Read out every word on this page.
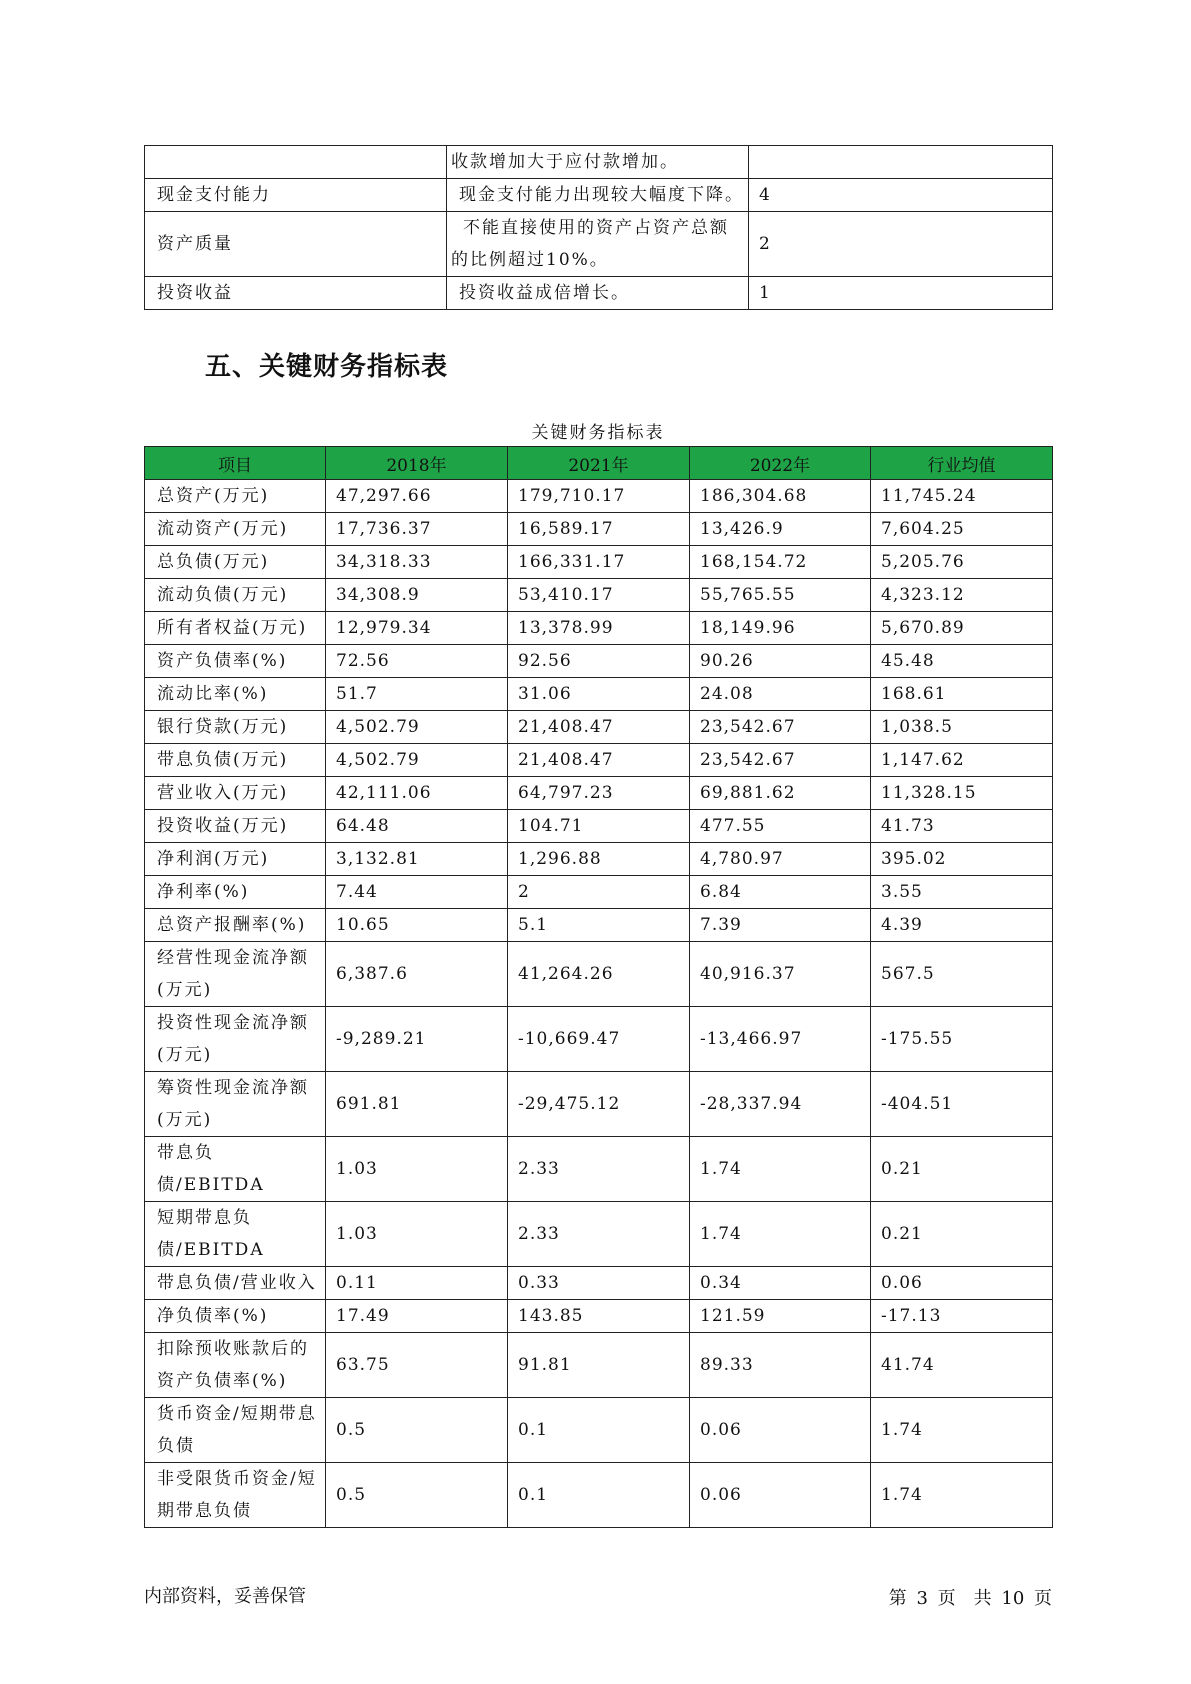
	收款增加大于应付款增加。	
现金支付能力	现金支付能力出现较大幅度下降。	4
资产质量	不能直接使用的资产占资产总额的比例超过10%。	2
投资收益	投资收益成倍增长。	1
五、关键财务指标表
关键财务指标表
项目	2018年	2021年	2022年	行业均值
总资产(万元)	47,297.66	179,710.17	186,304.68	11,745.24
流动资产(万元)	17,736.37	16,589.17	13,426.9	7,604.25
总负债(万元)	34,318.33	166,331.17	168,154.72	5,205.76
流动负债(万元)	34,308.9	53,410.17	55,765.55	4,323.12
所有者权益(万元)	12,979.34	13,378.99	18,149.96	5,670.89
资产负债率(%)	72.56	92.56	90.26	45.48
流动比率(%)	51.7	31.06	24.08	168.61
银行贷款(万元)	4,502.79	21,408.47	23,542.67	1,038.5
带息负债(万元)	4,502.79	21,408.47	23,542.67	1,147.62
营业收入(万元)	42,111.06	64,797.23	69,881.62	11,328.15
投资收益(万元)	64.48	104.71	477.55	41.73
净利润(万元)	3,132.81	1,296.88	4,780.97	395.02
净利率(%)	7.44	2	6.84	3.55
总资产报酬率(%)	10.65	5.1	7.39	4.39
经营性现金流净额(万元)	6,387.6	41,264.26	40,916.37	567.5
投资性现金流净额(万元)	-9,289.21	-10,669.47	-13,466.97	-175.55
筹资性现金流净额(万元)	691.81	-29,475.12	-28,337.94	-404.51
带息负债/EBITDA	1.03	2.33	1.74	0.21
短期带息负债/EBITDA	1.03	2.33	1.74	0.21
带息负债/营业收入	0.11	0.33	0.34	0.06
净负债率(%)	17.49	143.85	121.59	-17.13
扣除预收账款后的资产负债率(%)	63.75	91.81	89.33	41.74
货币资金/短期带息负债	0.5	0.1	0.06	1.74
非受限货币资金/短期带息负债	0.5	0.1	0.06	1.74
内部资料，妥善保管	第 3 页　共 10 页
